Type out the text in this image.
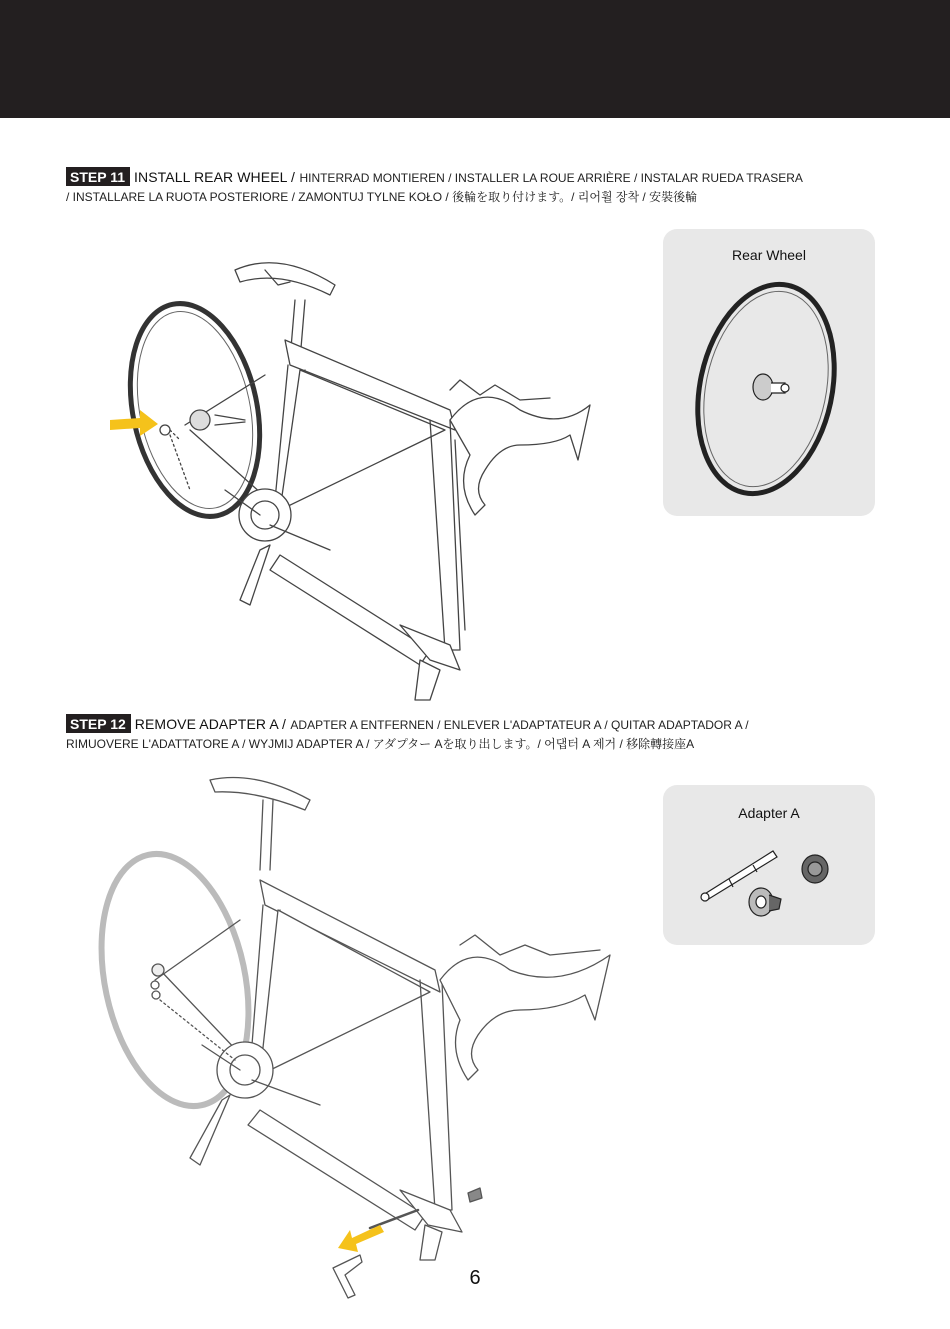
STEP 11 INSTALL REAR WHEEL / HINTERRAD MONTIEREN / INSTALLER LA ROUE ARRIÈRE / INSTALAR RUEDA TRASERA
/ INSTALLARE LA RUOTA POSTERIORE / ZAMONTUJ TYLNE KOŁO / 後輪を取り付けます。/ 리어휠 장착 / 安裝後輪
Rear Wheel
STEP 12 REMOVE ADAPTER A / ADAPTER A ENTFERNEN / ENLEVER L'ADAPTATEUR A / QUITAR ADAPTADOR A /
RIMUOVERE L'ADATTATORE A / WYJMIJ ADAPTER A / アダプター Aを取り出します。/ 어댑터 A 제거 / 移除轉接座A
Adapter A
6
